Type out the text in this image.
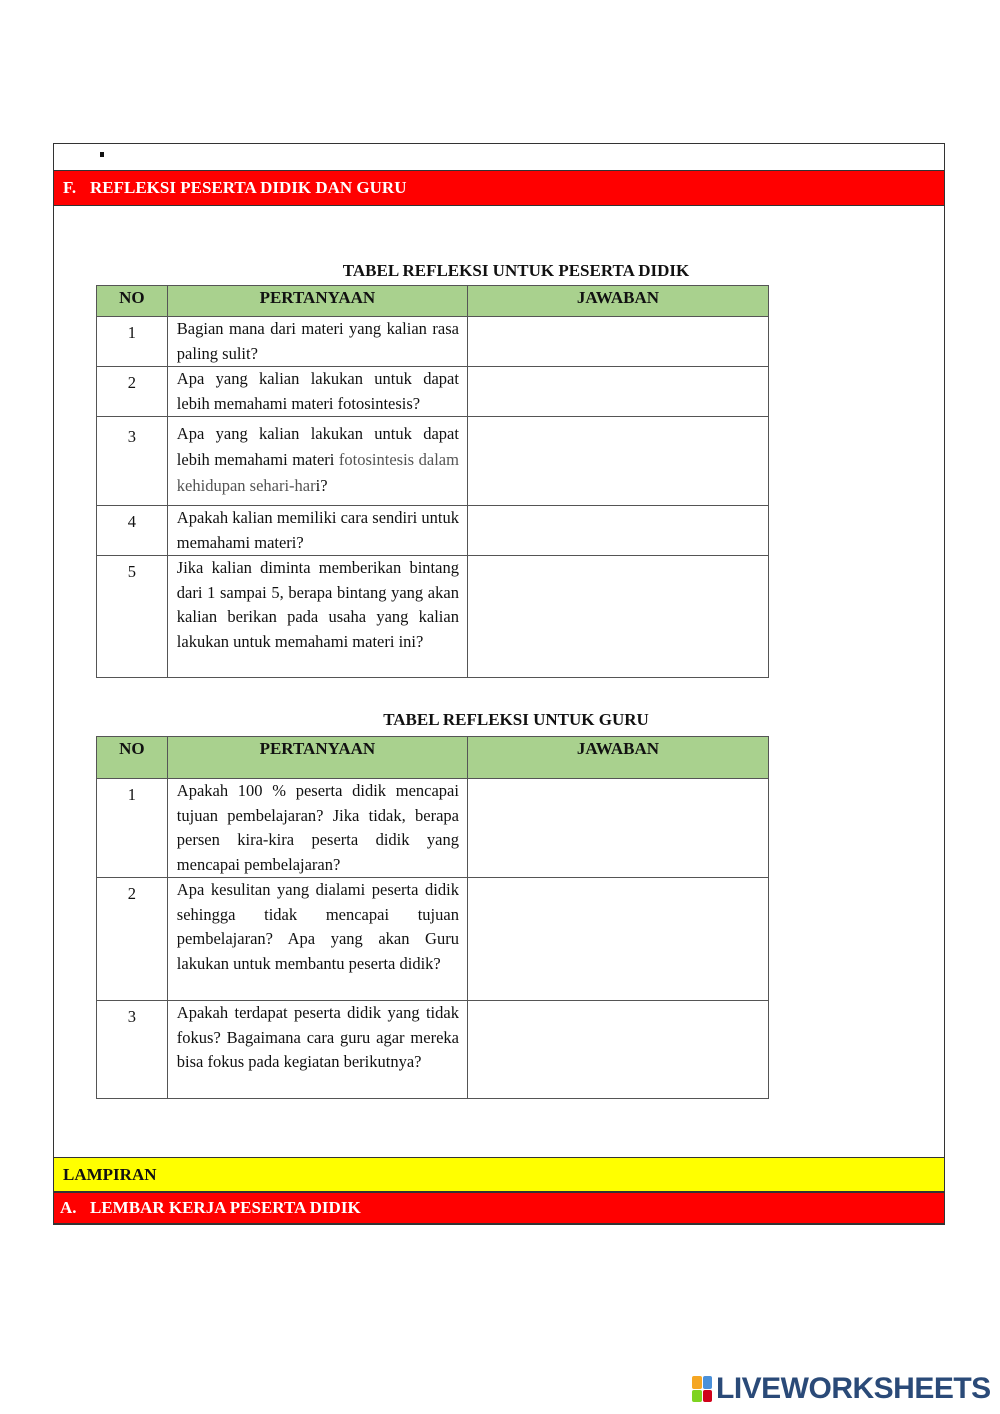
F. REFLEKSI PESERTA DIDIK DAN GURU
TABEL REFLEKSI UNTUK PESERTA DIDIK
NO	PERTANYAAN	JAWABAN
1	Bagian mana dari materi yang kalian rasa paling sulit?	
2	Apa yang kalian lakukan untuk dapat lebih memahami materi fotosintesis?	
3	Apa yang kalian lakukan untuk dapat lebih memahami materi fotosintesis dalam kehidupan sehari-hari?	
4	Apakah kalian memiliki cara sendiri untuk memahami materi?	
5	Jika kalian diminta memberikan bintang dari 1 sampai 5, berapa bintang yang akan kalian berikan pada usaha yang kalian lakukan untuk memahami materi ini?	
TABEL REFLEKSI UNTUK GURU
NO	PERTANYAAN	JAWABAN
1	Apakah 100 % peserta didik mencapai tujuan pembelajaran? Jika tidak, berapa persen kira-kira peserta didik yang mencapai pembelajaran?	
2	Apa kesulitan yang dialami peserta didik sehingga tidak mencapai tujuan pembelajaran? Apa yang akan Guru lakukan untuk membantu peserta didik?	
3	Apakah terdapat peserta didik yang tidak fokus? Bagaimana cara guru agar mereka bisa fokus pada kegiatan berikutnya?	
LAMPIRAN
A. LEMBAR KERJA PESERTA DIDIK
LIVEWORKSHEETS
